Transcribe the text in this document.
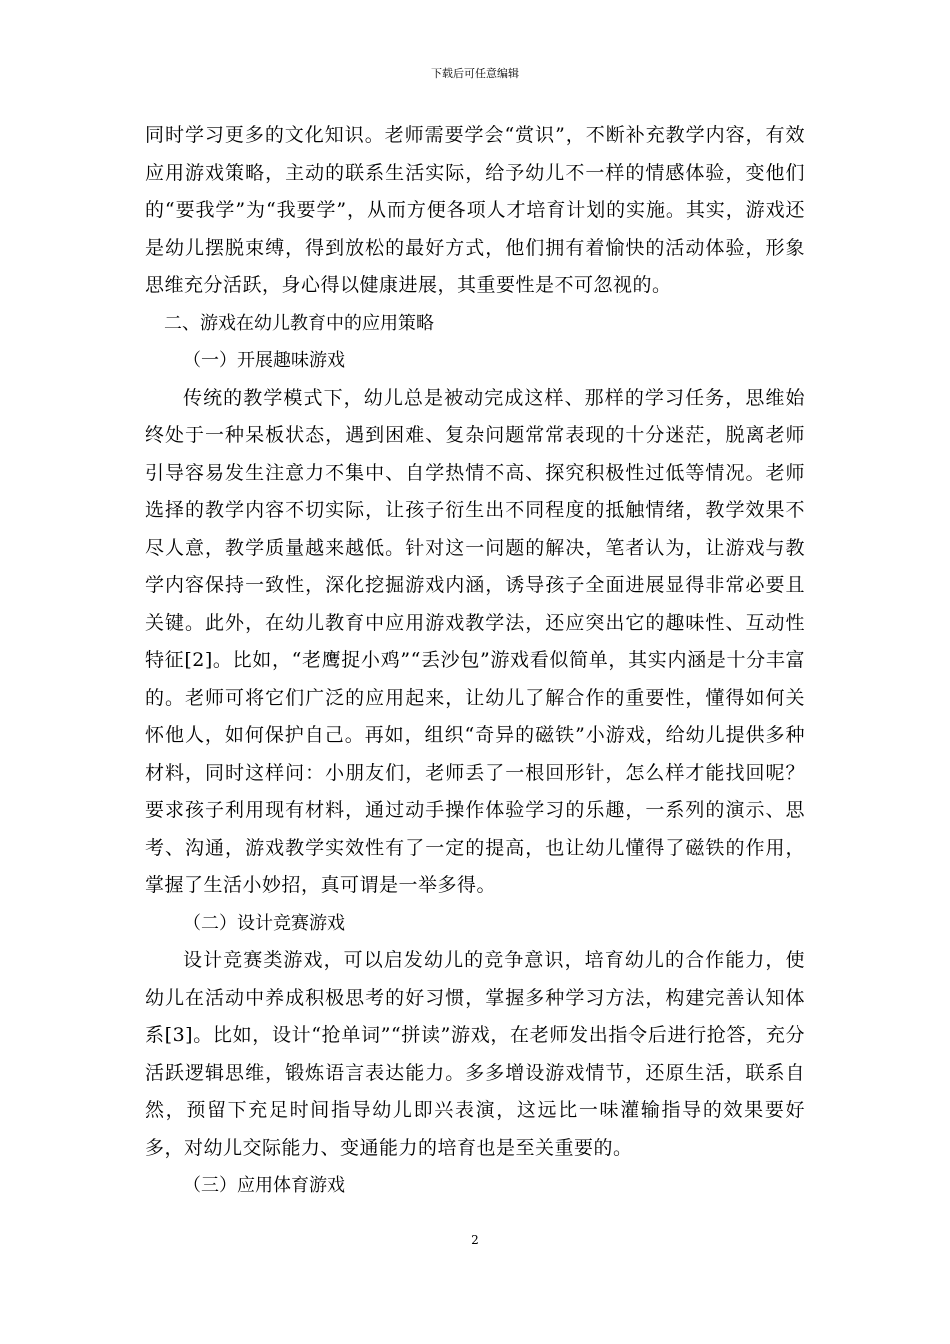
下载后可任意编辑

同时学习更多的文化知识。老师需要学会“赏识”，不断补充教学内容，有效应用游戏策略，主动的联系生活实际，给予幼儿不一样的情感体验，变他们的“要我学”为“我要学”，从而方便各项人才培育计划的实施。其实，游戏还是幼儿摆脱束缚，得到放松的最好方式，他们拥有着愉快的活动体验，形象思维充分活跃，身心得以健康进展，其重要性是不可忽视的。

二、游戏在幼儿教育中的应用策略

（一）开展趣味游戏

传统的教学模式下，幼儿总是被动完成这样、那样的学习任务，思维始终处于一种呆板状态，遇到困难、复杂问题常常表现的十分迷茫，脱离老师引导容易发生注意力不集中、自学热情不高、探究积极性过低等情况。老师选择的教学内容不切实际，让孩子衍生出不同程度的抵触情绪，教学效果不尽人意，教学质量越来越低。针对这一问题的解决，笔者认为，让游戏与教学内容保持一致性，深化挖掘游戏内涵，诱导孩子全面进展显得非常必要且关键。此外，在幼儿教育中应用游戏教学法，还应突出它的趣味性、互动性特征[2]。比如，“老鹰捉小鸡”“丢沙包”游戏看似简单，其实内涵是十分丰富的。老师可将它们广泛的应用起来，让幼儿了解合作的重要性，懂得如何关怀他人，如何保护自己。再如，组织“奇异的磁铁”小游戏，给幼儿提供多种材料，同时这样问：小朋友们，老师丢了一根回形针，怎么样才能找回呢？要求孩子利用现有材料，通过动手操作体验学习的乐趣，一系列的演示、思考、沟通，游戏教学实效性有了一定的提高，也让幼儿懂得了磁铁的作用，掌握了生活小妙招，真可谓是一举多得。

（二）设计竞赛游戏

设计竞赛类游戏，可以启发幼儿的竞争意识，培育幼儿的合作能力，使幼儿在活动中养成积极思考的好习惯，掌握多种学习方法，构建完善认知体系[3]。比如，设计“抢单词”“拼读”游戏，在老师发出指令后进行抢答，充分活跃逻辑思维，锻炼语言表达能力。多多增设游戏情节，还原生活，联系自然，预留下充足时间指导幼儿即兴表演，这远比一味灌输指导的效果要好多，对幼儿交际能力、变通能力的培育也是至关重要的。

（三）应用体育游戏

2
